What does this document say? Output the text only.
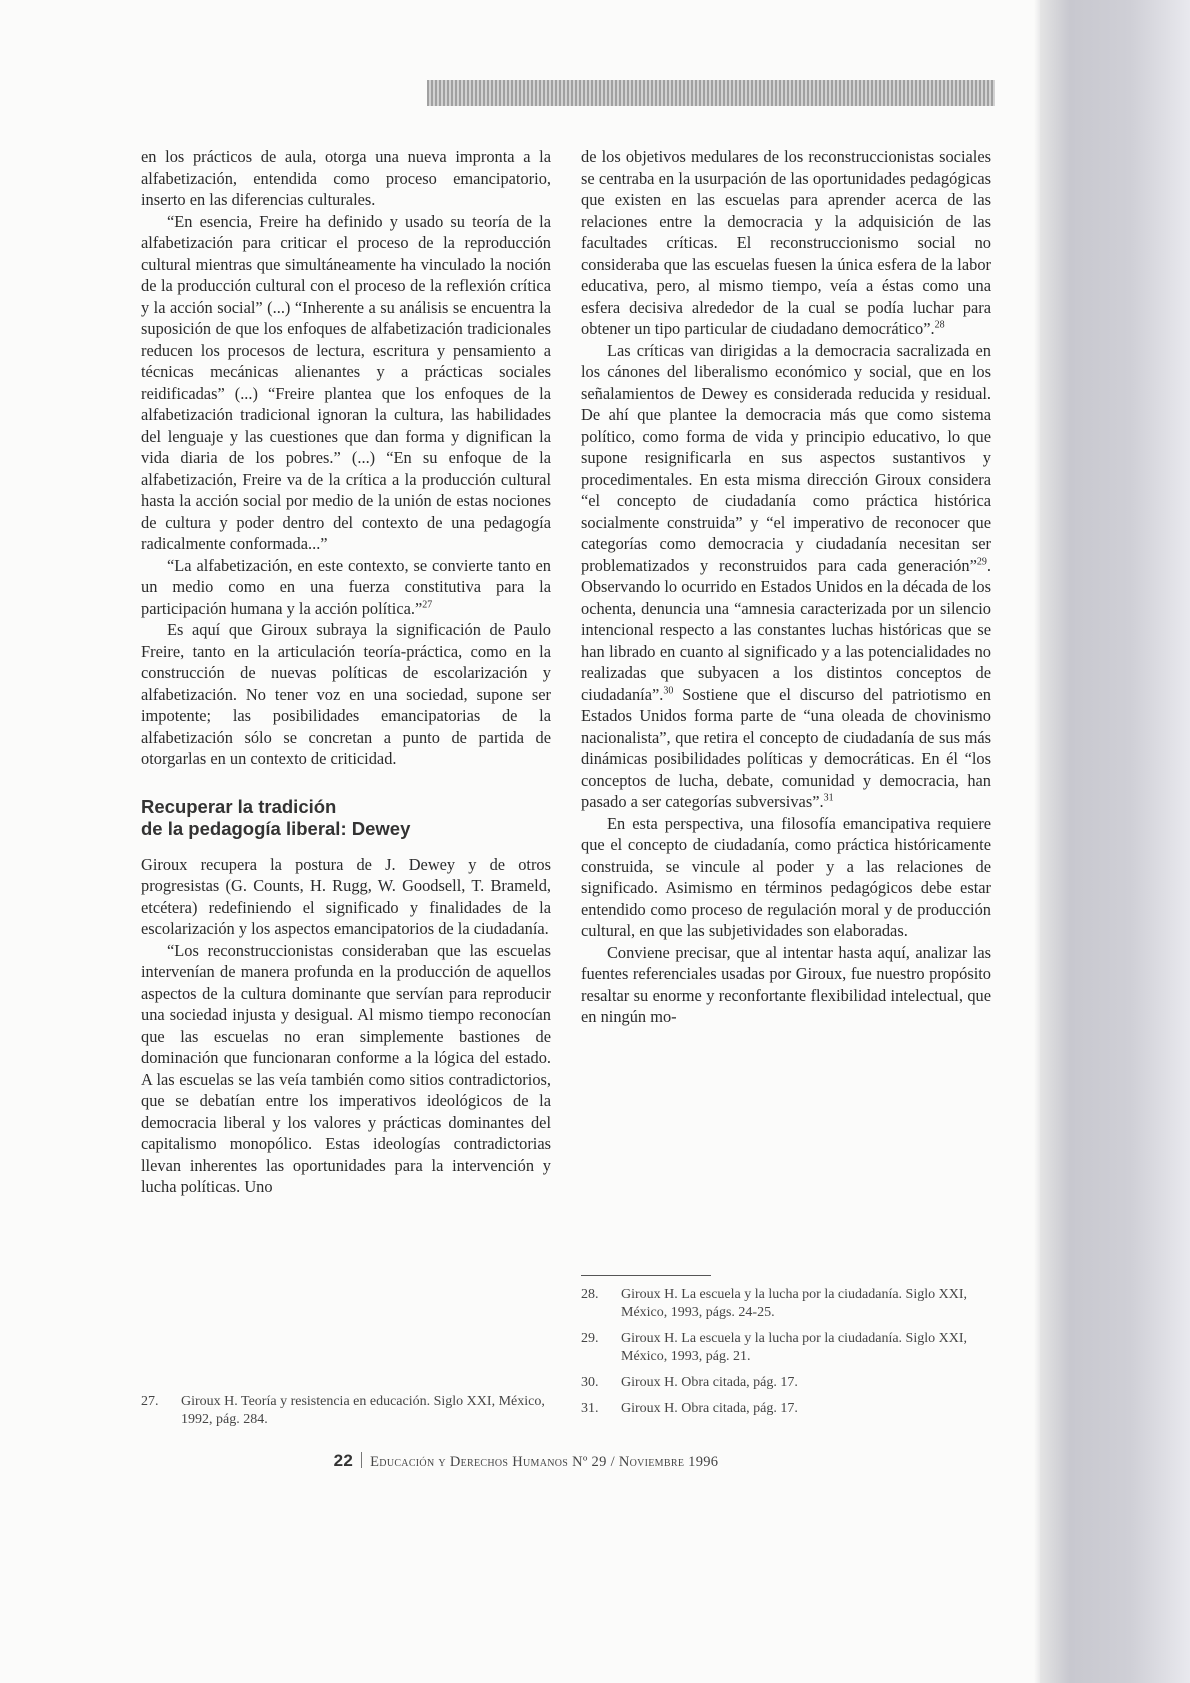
en los prácticos de aula, otorga una nueva impronta a la alfabetización, entendida como proceso emancipatorio, inserto en las diferencias culturales.

“En esencia, Freire ha definido y usado su teoría de la alfabetización para criticar el proceso de la reproducción cultural mientras que simultáneamente ha vinculado la noción de la producción cultural con el proceso de la reflexión crítica y la acción social” (...) “Inherente a su análisis se encuentra la suposición de que los enfoques de alfabetización tradicionales reducen los procesos de lectura, escritura y pensamiento a técnicas mecánicas alienantes y a prácticas sociales reidificadas” (...) “Freire plantea que los enfoques de la alfabetización tradicional ignoran la cultura, las habilidades del lenguaje y las cuestiones que dan forma y dignifican la vida diaria de los pobres.” (...) “En su enfoque de la alfabetización, Freire va de la crítica a la producción cultural hasta la acción social por medio de la unión de estas nociones de cultura y poder dentro del contexto de una pedagogía radicalmente conformada...”

“La alfabetización, en este contexto, se convierte tanto en un medio como en una fuerza constitutiva para la participación humana y la acción política.”$^{27}$

Es aquí que Giroux subraya la significación de Paulo Freire, tanto en la articulación teoría-práctica, como en la construcción de nuevas políticas de escolarización y alfabetización. No tener voz en una sociedad, supone ser impotente; las posibilidades emancipatorias de la alfabetización sólo se concretan a punto de partida de otorgarlas en un contexto de criticidad.

Recuperar la tradición
de la pedagogía liberal: Dewey

Giroux recupera la postura de J. Dewey y de otros progresistas (G. Counts, H. Rugg, W. Goodsell, T. Brameld, etcétera) redefiniendo el significado y finalidades de la escolarización y los aspectos emancipatorios de la ciudadanía.

“Los reconstruccionistas consideraban que las escuelas intervenían de manera profunda en la producción de aquellos aspectos de la cultura dominante que servían para reproducir una sociedad injusta y desigual. Al mismo tiempo reconocían que las escuelas no eran simplemente bastiones de dominación que funcionaran conforme a la lógica del estado. A las escuelas se las veía también como sitios contradictorios, que se debatían entre los imperativos ideológicos de la democracia liberal y los valores y prácticas dominantes del capitalismo monopólico. Estas ideologías contradictorias llevan inherentes las oportunidades para la intervención y lucha políticas. Uno

de los objetivos medulares de los reconstruccionistas sociales se centraba en la usurpación de las oportunidades pedagógicas que existen en las escuelas para aprender acerca de las relaciones entre la democracia y la adquisición de las facultades críticas. El reconstruccionismo social no consideraba que las escuelas fuesen la única esfera de la labor educativa, pero, al mismo tiempo, veía a éstas como una esfera decisiva alrededor de la cual se podía luchar para obtener un tipo particular de ciudadano democrático”.$^{28}$

Las críticas van dirigidas a la democracia sacralizada en los cánones del liberalismo económico y social, que en los señalamientos de Dewey es considerada reducida y residual. De ahí que plantee la democracia más que como sistema político, como forma de vida y principio educativo, lo que supone resignificarla en sus aspectos sustantivos y procedimentales. En esta misma dirección Giroux considera “el concepto de ciudadanía como práctica histórica socialmente construida” y “el imperativo de reconocer que categorías como democracia y ciudadanía necesitan ser problematizados y reconstruidos para cada generación”$^{29}$. Observando lo ocurrido en Estados Unidos en la década de los ochenta, denuncia una “amnesia caracterizada por un silencio intencional respecto a las constantes luchas históricas que se han librado en cuanto al significado y a las potencialidades no realizadas que subyacen a los distintos conceptos de ciudadanía”.$^{30}$ Sostiene que el discurso del patriotismo en Estados Unidos forma parte de “una oleada de chovinismo nacionalista”, que retira el concepto de ciudadanía de sus más dinámicas posibilidades políticas y democráticas. En él “los conceptos de lucha, debate, comunidad y democracia, han pasado a ser categorías subversivas”.$^{31}$

En esta perspectiva, una filosofía emancipativa requiere que el concepto de ciudadanía, como práctica históricamente construida, se vincule al poder y a las relaciones de significado. Asimismo en términos pedagógicos debe estar entendido como proceso de regulación moral y de producción cultural, en que las subjetividades son elaboradas.

Conviene precisar, que al intentar hasta aquí, analizar las fuentes referenciales usadas por Giroux, fue nuestro propósito resaltar su enorme y reconfortante flexibilidad intelectual, que en ningún mo-

27.	Giroux H. Teoría y resistencia en educación. Siglo XXI, México, 1992, pág. 284.
28.	Giroux H. La escuela y la lucha por la ciudadanía. Siglo XXI, México, 1993, págs. 24-25.
29.	Giroux H. La escuela y la lucha por la ciudadanía. Siglo XXI, México, 1993, pág. 21.
30.	Giroux H. Obra citada, pág. 17.
31.	Giroux H. Obra citada, pág. 17.
22 Educación y Derechos Humanos Nº 29 / Noviembre 1996
